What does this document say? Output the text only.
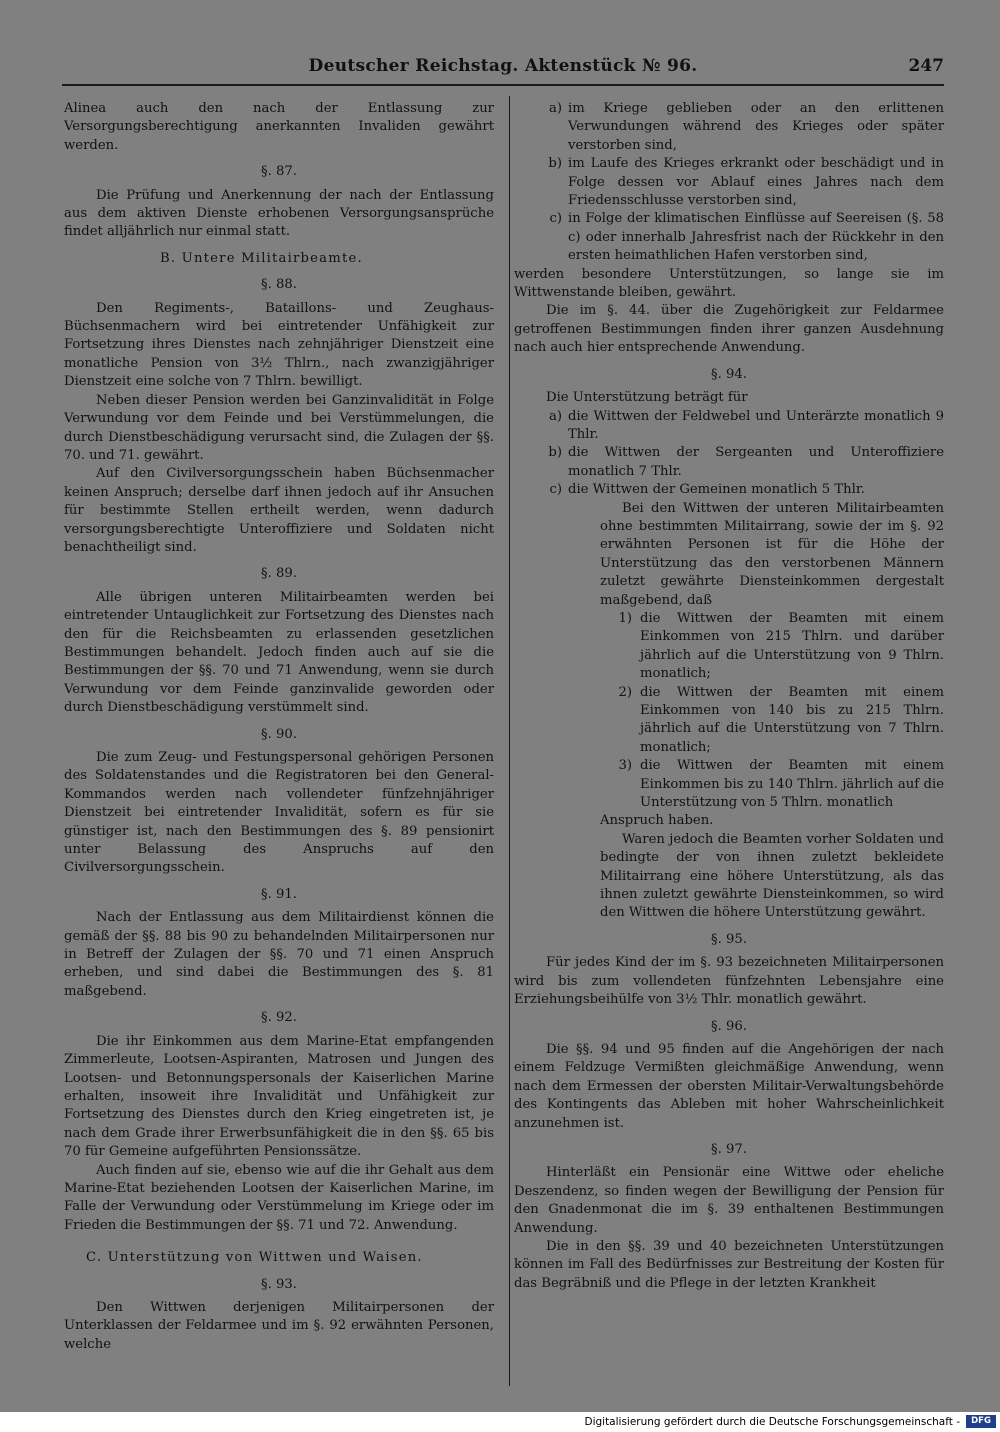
Deutscher Reichstag. Aktenstück № 96.	247

Alinea auch den nach der Entlassung zur Versorgungsberechtigung anerkannten Invaliden gewährt werden.

§. 87.

Die Prüfung und Anerkennung der nach der Entlassung aus dem aktiven Dienste erhobenen Versorgungsansprüche findet alljährlich nur einmal statt.

B. Untere Militairbeamte.
§. 88.

Den Regiments-, Bataillons- und Zeughaus-Büchsenmachern wird bei eintretender Unfähigkeit zur Fortsetzung ihres Dienstes nach zehnjähriger Dienstzeit eine monatliche Pension von 3½ Thlrn., nach zwanzigjähriger Dienstzeit eine solche von 7 Thlrn. bewilligt.

Neben dieser Pension werden bei Ganzinvalidität in Folge Verwundung vor dem Feinde und bei Verstümmelungen, die durch Dienstbeschädigung verursacht sind, die Zulagen der §§. 70. und 71. gewährt.

Auf den Civilversorgungsschein haben Büchsenmacher keinen Anspruch; derselbe darf ihnen jedoch auf ihr Ansuchen für bestimmte Stellen ertheilt werden, wenn dadurch versorgungsberechtigte Unteroffiziere und Soldaten nicht benachtheiligt sind.

§. 89.

Alle übrigen unteren Militairbeamten werden bei eintretender Untauglichkeit zur Fortsetzung des Dienstes nach den für die Reichsbeamten zu erlassenden gesetzlichen Bestimmungen behandelt. Jedoch finden auch auf sie die Bestimmungen der §§. 70 und 71 Anwendung, wenn sie durch Verwundung vor dem Feinde ganzinvalide geworden oder durch Dienstbeschädigung verstümmelt sind.

§. 90.

Die zum Zeug- und Festungspersonal gehörigen Personen des Soldatenstandes und die Registratoren bei den General-Kommandos werden nach vollendeter fünfzehnjähriger Dienstzeit bei eintretender Invalidität, sofern es für sie günstiger ist, nach den Bestimmungen des §. 89 pensionirt unter Belassung des Anspruchs auf den Civilversorgungsschein.

§. 91.

Nach der Entlassung aus dem Militairdienst können die gemäß der §§. 88 bis 90 zu behandelnden Militairpersonen nur in Betreff der Zulagen der §§. 70 und 71 einen Anspruch erheben, und sind dabei die Bestimmungen des §. 81 maßgebend.

§. 92.

Die ihr Einkommen aus dem Marine-Etat empfangenden Zimmerleute, Lootsen-Aspiranten, Matrosen und Jungen des Lootsen- und Betonnungspersonals der Kaiserlichen Marine erhalten, insoweit ihre Invalidität und Unfähigkeit zur Fortsetzung des Dienstes durch den Krieg eingetreten ist, je nach dem Grade ihrer Erwerbsunfähigkeit die in den §§. 65 bis 70 für Gemeine aufgeführten Pensionssätze.

Auch finden auf sie, ebenso wie auf die ihr Gehalt aus dem Marine-Etat beziehenden Lootsen der Kaiserlichen Marine, im Falle der Verwundung oder Verstümmelung im Kriege oder im Frieden die Bestimmungen der §§. 71 und 72. Anwendung.

C. Unterstützung von Wittwen und Waisen.
§. 93.

Den Wittwen derjenigen Militairpersonen der Unterklassen der Feldarmee und im §. 92 erwähnten Personen, welche

a) im Kriege geblieben oder an den erlittenen Verwundungen während des Krieges oder später verstorben sind,
b) im Laufe des Krieges erkrankt oder beschädigt und in Folge dessen vor Ablauf eines Jahres nach dem Friedensschlusse verstorben sind,
c) in Folge der klimatischen Einflüsse auf Seereisen (§. 58 c) oder innerhalb Jahresfrist nach der Rückkehr in den ersten heimathlichen Hafen verstorben sind,

werden besondere Unterstützungen, so lange sie im Wittwenstande bleiben, gewährt.

Die im §. 44. über die Zugehörigkeit zur Feldarmee getroffenen Bestimmungen finden ihrer ganzen Ausdehnung nach auch hier entsprechende Anwendung.

§. 94.

Die Unterstützung beträgt für

a) die Wittwen der Feldwebel und Unterärzte monatlich 9 Thlr.
b) die Wittwen der Sergeanten und Unteroffiziere monatlich 7 Thlr.
c) die Wittwen der Gemeinen monatlich 5 Thlr.

Bei den Wittwen der unteren Militairbeamten ohne bestimmten Militairrang, sowie der im §. 92 erwähnten Personen ist für die Höhe der Unterstützung das den verstorbenen Männern zuletzt gewährte Diensteinkommen dergestalt maßgebend, daß

1) die Wittwen der Beamten mit einem Einkommen von 215 Thlrn. und darüber jährlich auf die Unterstützung von 9 Thlrn. monatlich;
2) die Wittwen der Beamten mit einem Einkommen von 140 bis zu 215 Thlrn. jährlich auf die Unterstützung von 7 Thlrn. monatlich;
3) die Wittwen der Beamten mit einem Einkommen bis zu 140 Thlrn. jährlich auf die Unterstützung von 5 Thlrn. monatlich

Anspruch haben.

Waren jedoch die Beamten vorher Soldaten und bedingte der von ihnen zuletzt bekleidete Militairrang eine höhere Unterstützung, als das ihnen zuletzt gewährte Diensteinkommen, so wird den Wittwen die höhere Unterstützung gewährt.

§. 95.

Für jedes Kind der im §. 93 bezeichneten Militairpersonen wird bis zum vollendeten fünfzehnten Lebensjahre eine Erziehungsbeihülfe von 3½ Thlr. monatlich gewährt.

§. 96.

Die §§. 94 und 95 finden auf die Angehörigen der nach einem Feldzuge Vermißten gleichmäßige Anwendung, wenn nach dem Ermessen der obersten Militair-Verwaltungsbehörde des Kontingents das Ableben mit hoher Wahrscheinlichkeit anzunehmen ist.

§. 97.

Hinterläßt ein Pensionär eine Wittwe oder eheliche Deszendenz, so finden wegen der Bewilligung der Pension für den Gnadenmonat die im §. 39 enthaltenen Bestimmungen Anwendung.

Die in den §§. 39 und 40 bezeichneten Unterstützungen können im Fall des Bedürfnisses zur Bestreitung der Kosten für das Begräbniß und die Pflege in der letzten Krankheit

Digitalisierung gefördert durch die Deutsche Forschungsgemeinschaft -	DFG
